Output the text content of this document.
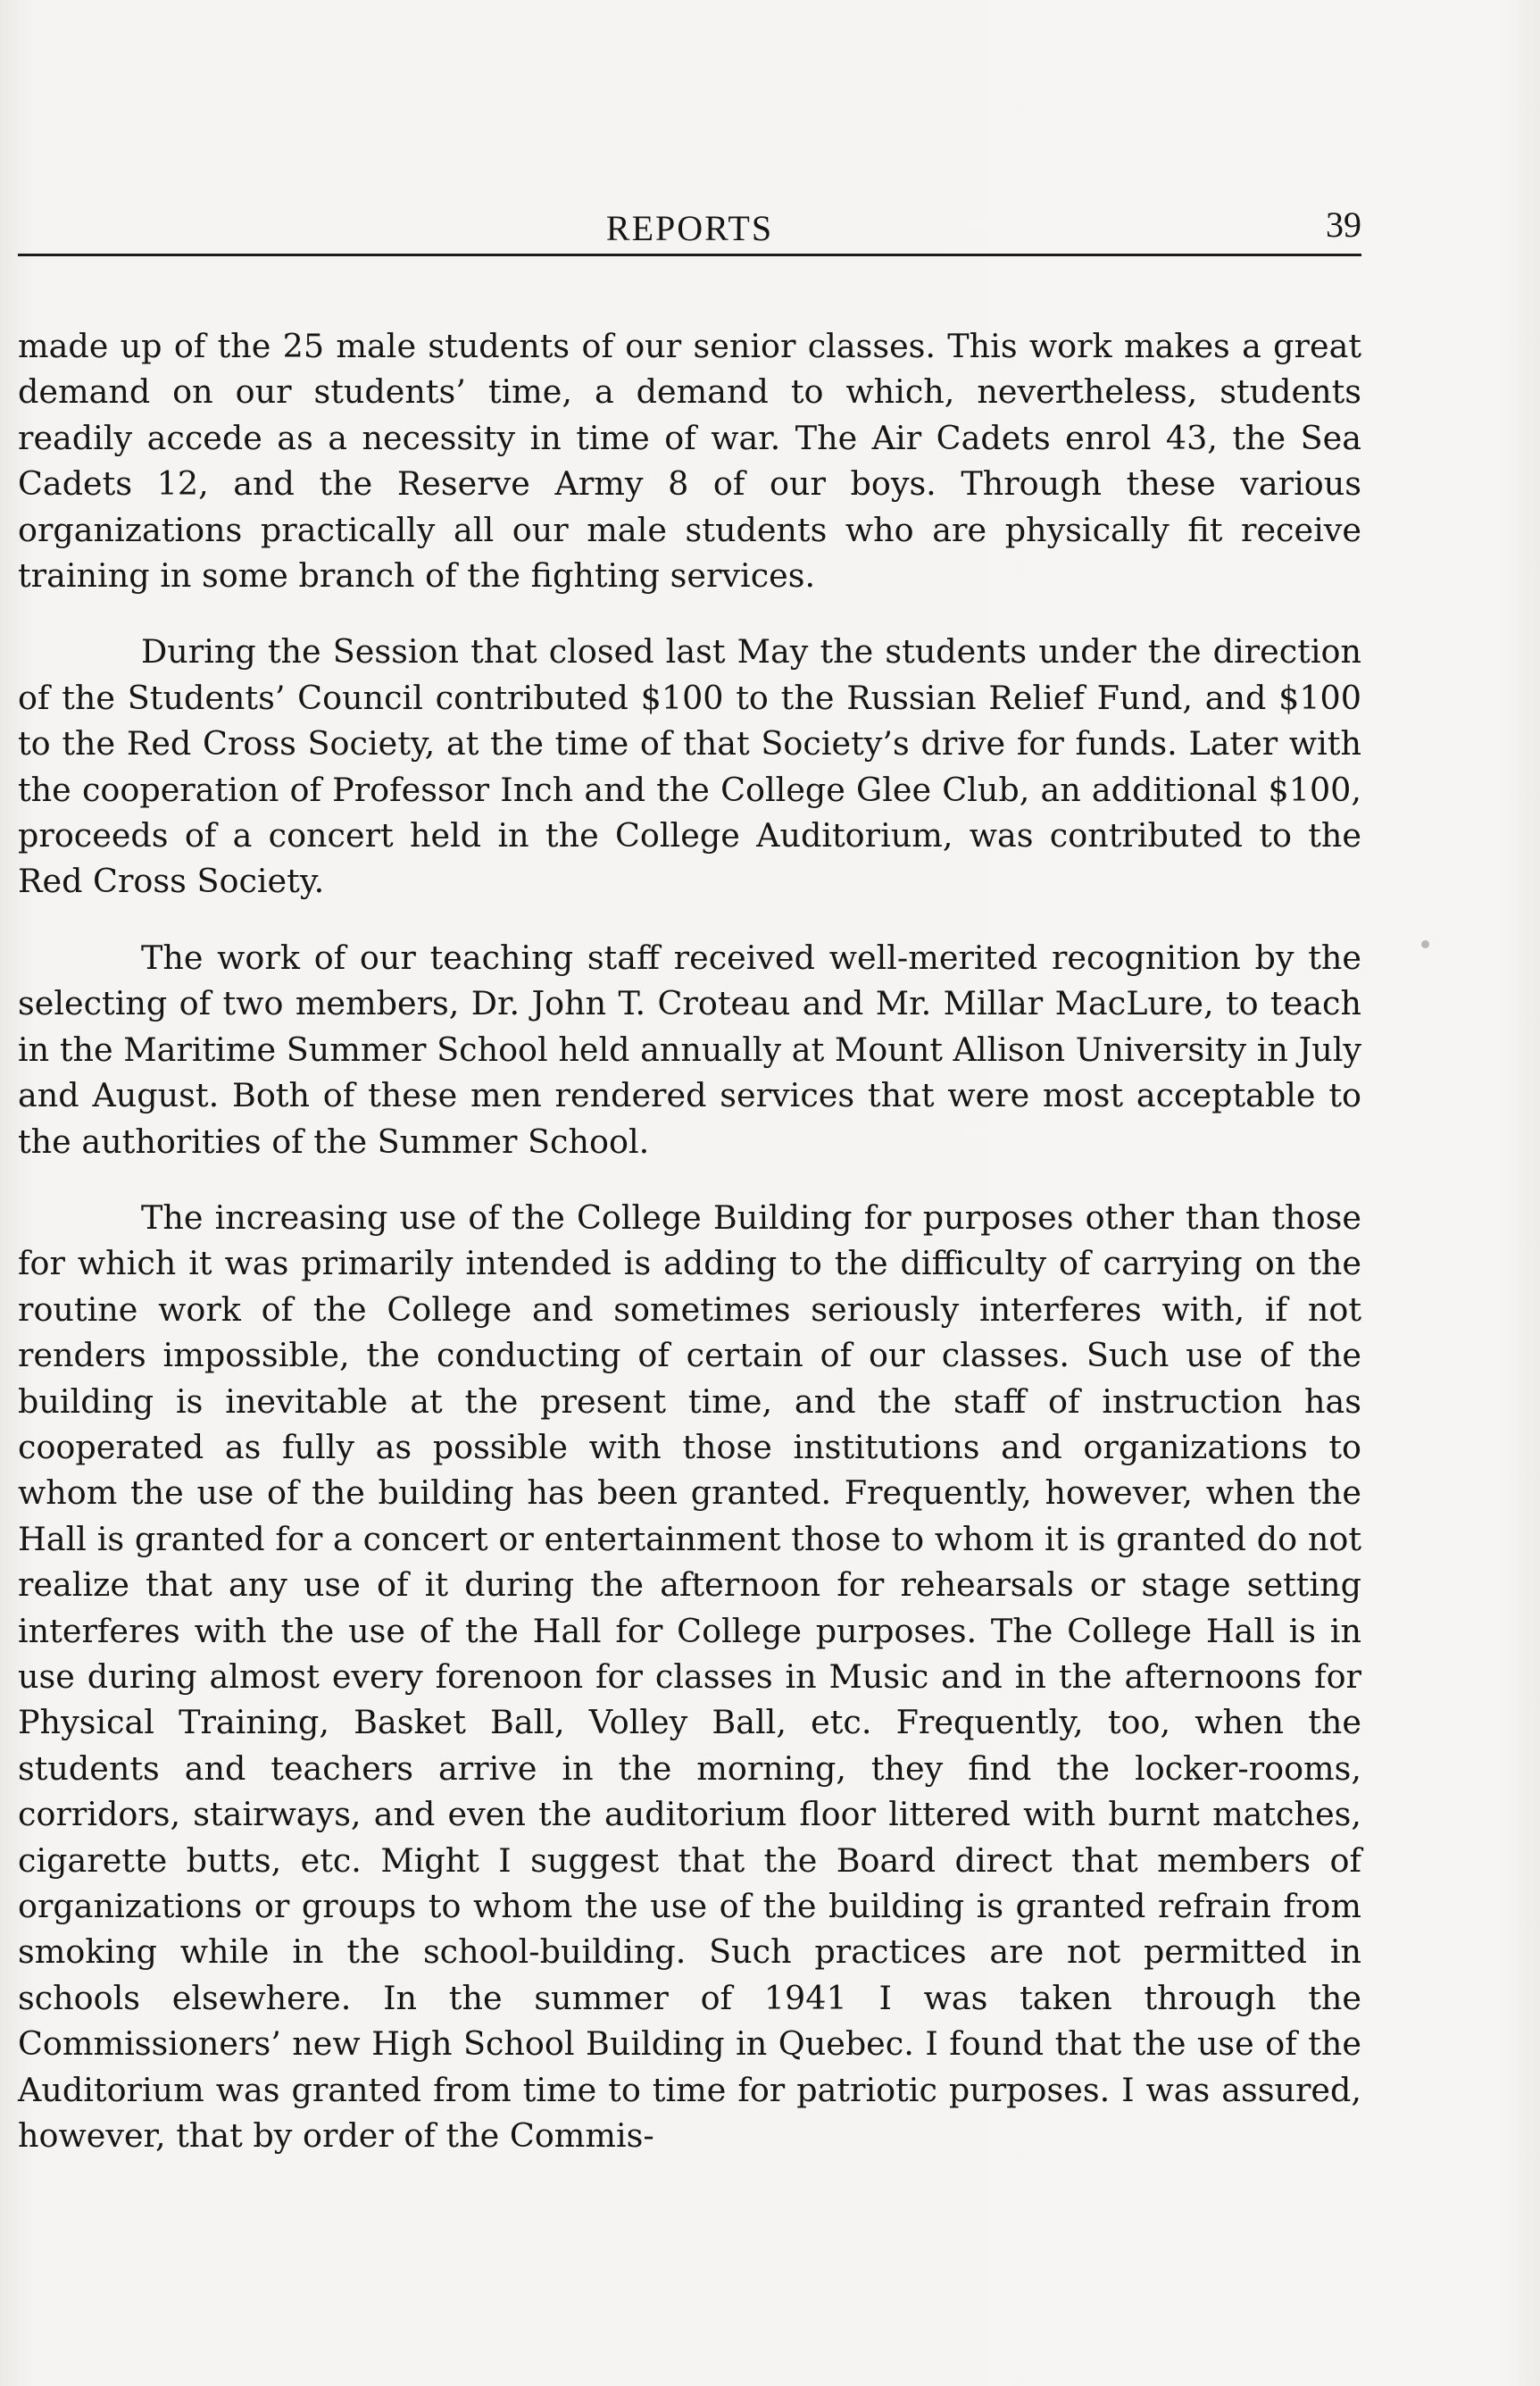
REPORTS	39

made up of the 25 male students of our senior classes. This work makes a great demand on our students’ time, a demand to which, nevertheless, students readily accede as a necessity in time of war. The Air Cadets enrol 43, the Sea Cadets 12, and the Reserve Army 8 of our boys. Through these various organizations practically all our male students who are physically fit receive training in some branch of the fighting services.

During the Session that closed last May the students under the direction of the Students’ Council contributed $100 to the Russian Relief Fund, and $100 to the Red Cross Society, at the time of that Society’s drive for funds. Later with the cooperation of Professor Inch and the College Glee Club, an additional $100, proceeds of a concert held in the College Auditorium, was contributed to the Red Cross Society.

The work of our teaching staff received well-merited recognition by the selecting of two members, Dr. John T. Croteau and Mr. Millar MacLure, to teach in the Maritime Summer School held annually at Mount Allison University in July and August. Both of these men rendered services that were most acceptable to the authorities of the Summer School.

The increasing use of the College Building for purposes other than those for which it was primarily intended is adding to the difficulty of carrying on the routine work of the College and sometimes seriously interferes with, if not renders impossible, the conducting of certain of our classes. Such use of the building is inevitable at the present time, and the staff of instruction has cooperated as fully as possible with those institutions and organizations to whom the use of the building has been granted. Frequently, however, when the Hall is granted for a concert or entertainment those to whom it is granted do not realize that any use of it during the afternoon for rehearsals or stage setting interferes with the use of the Hall for College purposes. The College Hall is in use during almost every forenoon for classes in Music and in the afternoons for Physical Training, Basket Ball, Volley Ball, etc. Frequently, too, when the students and teachers arrive in the morning, they find the locker-rooms, corridors, stairways, and even the auditorium floor littered with burnt matches, cigarette butts, etc. Might I suggest that the Board direct that members of organizations or groups to whom the use of the building is granted refrain from smoking while in the school-building. Such practices are not permitted in schools elsewhere. In the summer of 1941 I was taken through the Commissioners’ new High School Building in Quebec. I found that the use of the Auditorium was granted from time to time for patriotic purposes. I was assured, however, that by order of the Commis-
